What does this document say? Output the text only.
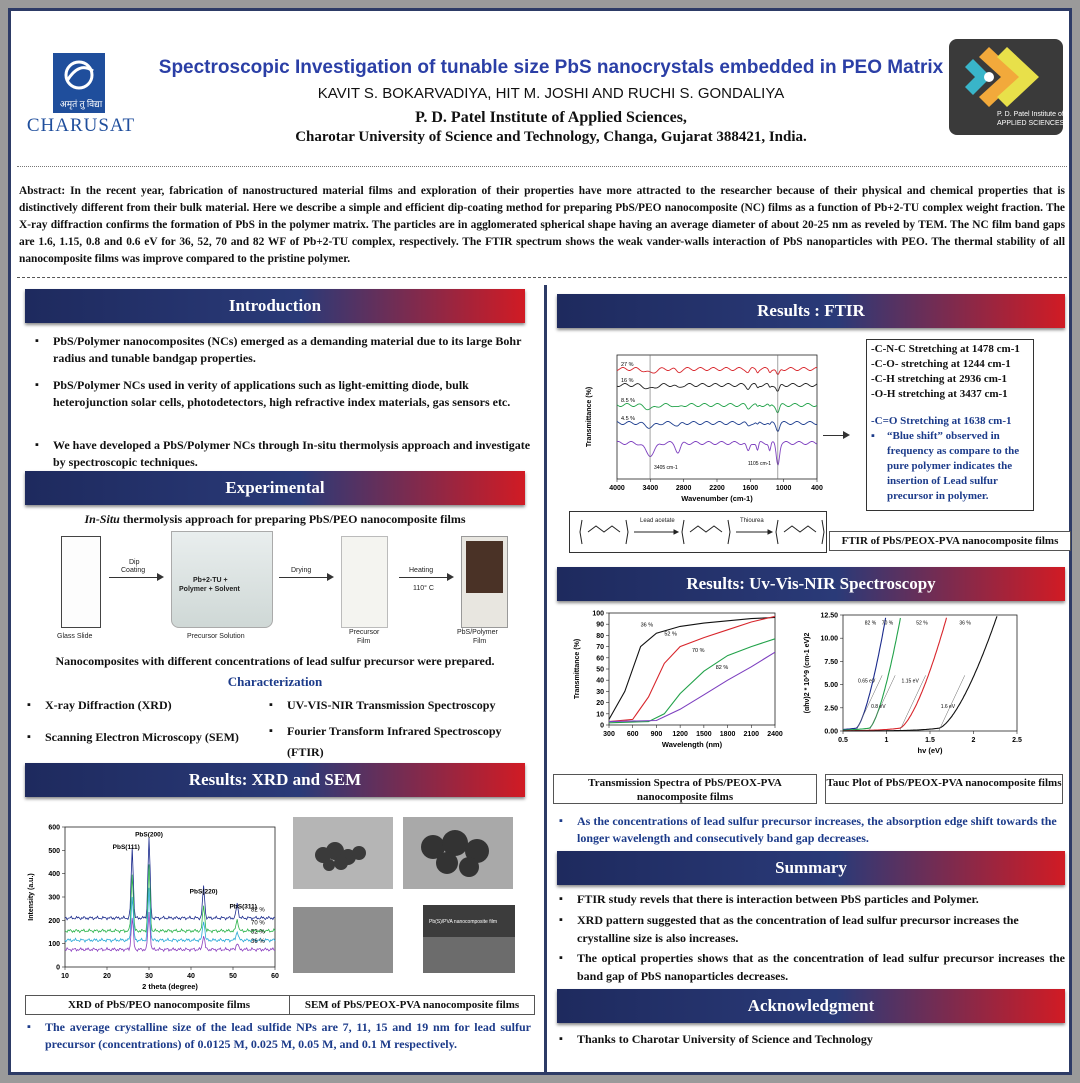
अमृतं तु विद्या
CHARUSAT
Spectroscopic Investigation of tunable size PbS nanocrystals embedded in PEO Matrix
KAVIT S. BOKARVADIYA, HIT M. JOSHI AND RUCHI S. GONDALIYA
P. D. Patel Institute of Applied Sciences,
Charotar University of Science and Technology, Changa, Gujarat 388421, India.
P. D. Patel Institute of
APPLIED SCIENCES
Abstract: In the recent year, fabrication of nanostructured material films and exploration of their properties have more attracted to the researcher because of their physical and chemical properties that is distinctively different from their bulk material. Here we describe a simple and efficient dip-coating method for preparing PbS/PEO nanocomposite (NC) films as a function of Pb+2-TU complex weight fraction. The X-ray diffraction confirms the formation of PbS in the polymer matrix. The particles are in agglomerated spherical shape having an average diameter of about 20-25 nm as reveled by TEM. The NC film band gaps are 1.6, 1.15, 0.8 and 0.6 eV for 36, 52, 70 and 82 WF of Pb+2-TU complex, respectively. The FTIR spectrum shows the weak vander-walls interaction of PbS nanoparticles with PEO. The thermal stability of all nanocomposite films was improve compared to the pristine polymer.
Introduction
▪ PbS/Polymer nanocomposites (NCs) emerged as a demanding material due to its large Bohr radius and tunable bandgap properties.
▪ PbS/Polymer NCs used in verity of applications such as light-emitting diode, bulk heterojunction solar cells, photodetectors, high refractive index materials, gas sensors etc.
▪ We have developed a PbS/Polymer NCs through In-situ thermolysis approach and investigate by spectroscopic techniques.
Experimental
In-Situ thermolysis approach for preparing PbS/PEO nanocomposite films
Glass Slide
Dip
Coating
Pb+2-TU +
Polymer + Solvent
Precursor Solution
Drying
Precursor
Film
Heating
110° C
PbS/Polymer
Film
Nanocomposites with different concentrations of lead sulfur precursor were prepared.
Characterization
▪ X-ray Diffraction (XRD)
▪ Scanning Electron Microscopy (SEM)
▪ UV-VIS-NIR Transmission Spectroscopy
▪ Fourier Transform Infrared Spectroscopy (FTIR)
Results: XRD and SEM
10	20	30	40	50	60
0
100
200
300
400
500
600
2 theta (degree)
Intensity (a.u.)	82 %
70 %
52 %
36 %
PbS(111)
PbS(200)
PbS(220)
PbS(311)
Pb(S)/PVA nanocomposite film
XRD of PbS/PEO nanocomposite films	SEM of PbS/PEOX-PVA nanocomposite films
▪ The average crystalline size of the lead sulfide NPs are 7, 11, 15 and 19 nm for lead sulfur precursor (concentrations) of 0.0125 M, 0.025 M, 0.05 M, and 0.1 M respectively.
Results : FTIR
4000	3400	2800	2200	1600	1000	400
Wavenumber (cm-1)
Transmittance (%)
27 %
16 %
8.5 %
4.5 %
3405 cm-1
1105 cm-1
-C-N-C Stretching at 1478 cm-1
-C-O- stretching at 1244 cm-1
-C-H stretching at 2936 cm-1
-O-H stretching at 3437 cm-1
-C=O Stretching at 1638 cm-1
▪ “Blue shift” observed in frequency as compare to the pure polymer indicates the insertion of Lead sulfur precursor in polymer.
Lead acetate	Thiourea
FTIR of PbS/PEOX-PVA nanocomposite films
Results: Uv-Vis-NIR Spectroscopy
300 600 900 1200 1500 1800 2100 2400
0
10
20
30
40
50
60
70
80
90
100
Wavelength (nm)
Transmittance (%)
36 %
52 %
70 %
82 %
0.5	1	1.5	2	2.5
0.00
2.50
5.00
7.50
10.00
12.50
hv (eV)
(αhν)2 * 10^9 (cm-1 eV)2
82 %
0.65 eV
70 %
0.8 eV
52 %
1.15 eV
36 %
1.6 eV
Transmission Spectra of PbS/PEOX-PVA nanocomposite films
Tauc Plot of PbS/PEOX-PVA nanocomposite films
▪ As the concentrations of lead sulfur precursor increases, the absorption edge shift towards the longer wavelength and consecutively band gap decreases.
Summary
▪ FTIR study revels that there is interaction between PbS particles and Polymer.
▪ XRD pattern suggested that as the concentration of lead sulfur precursor increases the crystalline size is also increases.
▪ The optical properties shows that as the concentration of lead sulfur precursor increases the band gap of PbS nanoparticles decreases.
Acknowledgment
▪ Thanks to Charotar University of Science and Technology
